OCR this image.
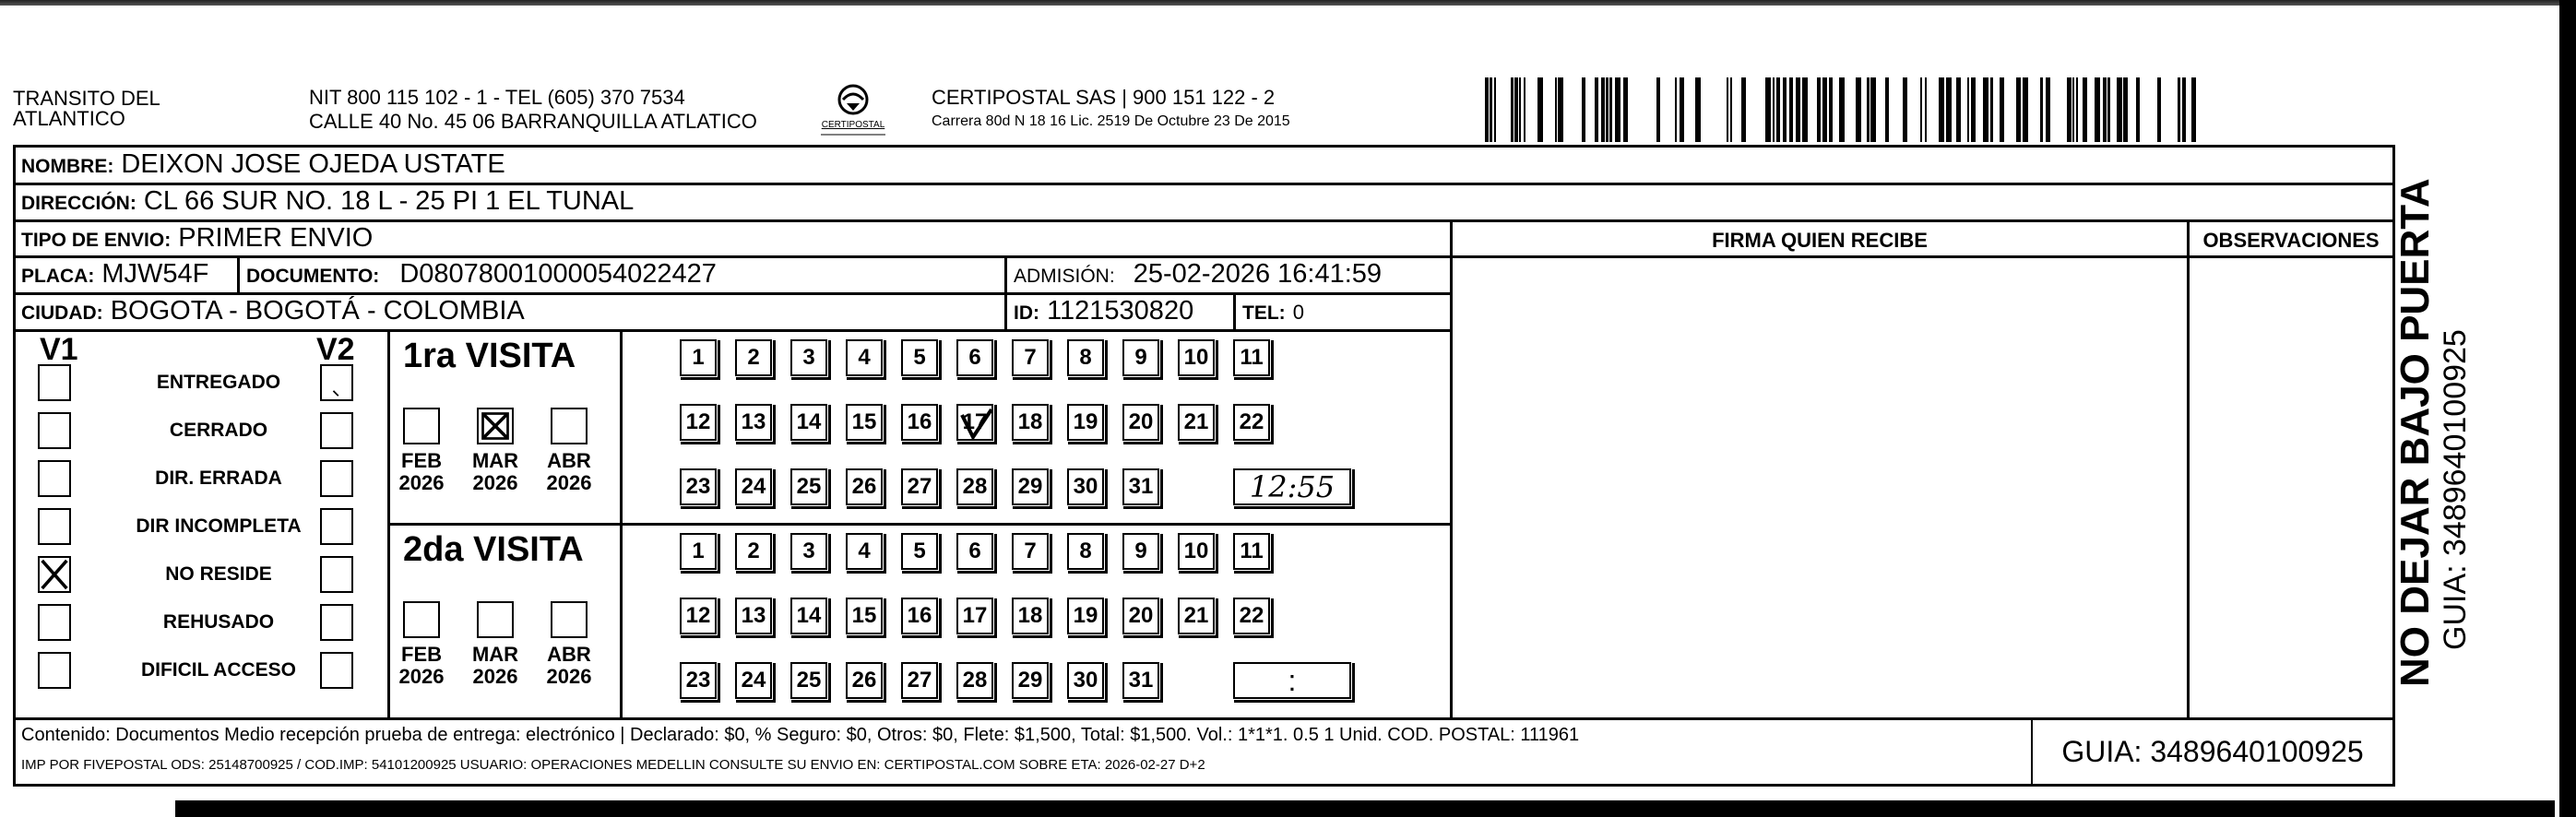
TRANSITO DEL
ATLANTICO
NIT 800 115 102 - 1 - TEL (605) 370 7534
CALLE 40 No. 45 06 BARRANQUILLA ATLATICO	CERTIPOSTAL
CERTIPOSTAL SAS | 900 151 122 - 2
Carrera 80d N 18 16 Lic. 2519 De Octubre 23 De 2015
NOMBRE: DEIXON JOSE OJEDA USTATE
DIRECCIÓN: CL 66 SUR NO. 18 L - 25 PI 1 EL TUNAL
TIPO DE ENVIO: PRIMER ENVIO	FIRMA QUIEN RECIBE	OBSERVACIONES
PLACA: MJW54F DOCUMENTO: D08078001000054022427	ADMISIÓN: 25-02-2026 16:41:59
CIUDAD: BOGOTA - BOGOTÁ - COLOMBIA	ID: 1121530820	TEL: 0
V1	V2
ENTREGADO
CERRADO
DIR. ERRADA
DIR INCOMPLETA
NO RESIDE
REHUSADO
DIFICIL ACCESO
1ra VISITA
FEB
2026
MAR
2026
ABR
2026
1 2 3 4 5 6 7 8 9 10 11
12 13 14 15 16 17 18 19 20 21 22
23 24 25 26 27 28 29 30 31	12:55
2da VISITA
FEB
2026
MAR
2026
ABR
2026
1 2 3 4 5 6 7 8 9 10 11
12 13 14 15 16 17 18 19 20 21 22
23 24 25 26 27 28 29 30 31	:
Contenido: Documentos Medio recepción prueba de entrega: electrónico | Declarado: $0, % Seguro: $0, Otros: $0, Flete: $1,500, Total: $1,500. Vol.: 1*1*1. 0.5 1 Unid. COD. POSTAL: 111961
IMP POR FIVEPOSTAL ODS: 25148700925 / COD.IMP: 54101200925 USUARIO: OPERACIONES MEDELLIN CONSULTE SU ENVIO EN: CERTIPOSTAL.COM SOBRE ETA: 2026-02-27 D+2	GUIA: 3489640100925
NO DEJAR BAJO PUERTA GUIA: 3489640100925
